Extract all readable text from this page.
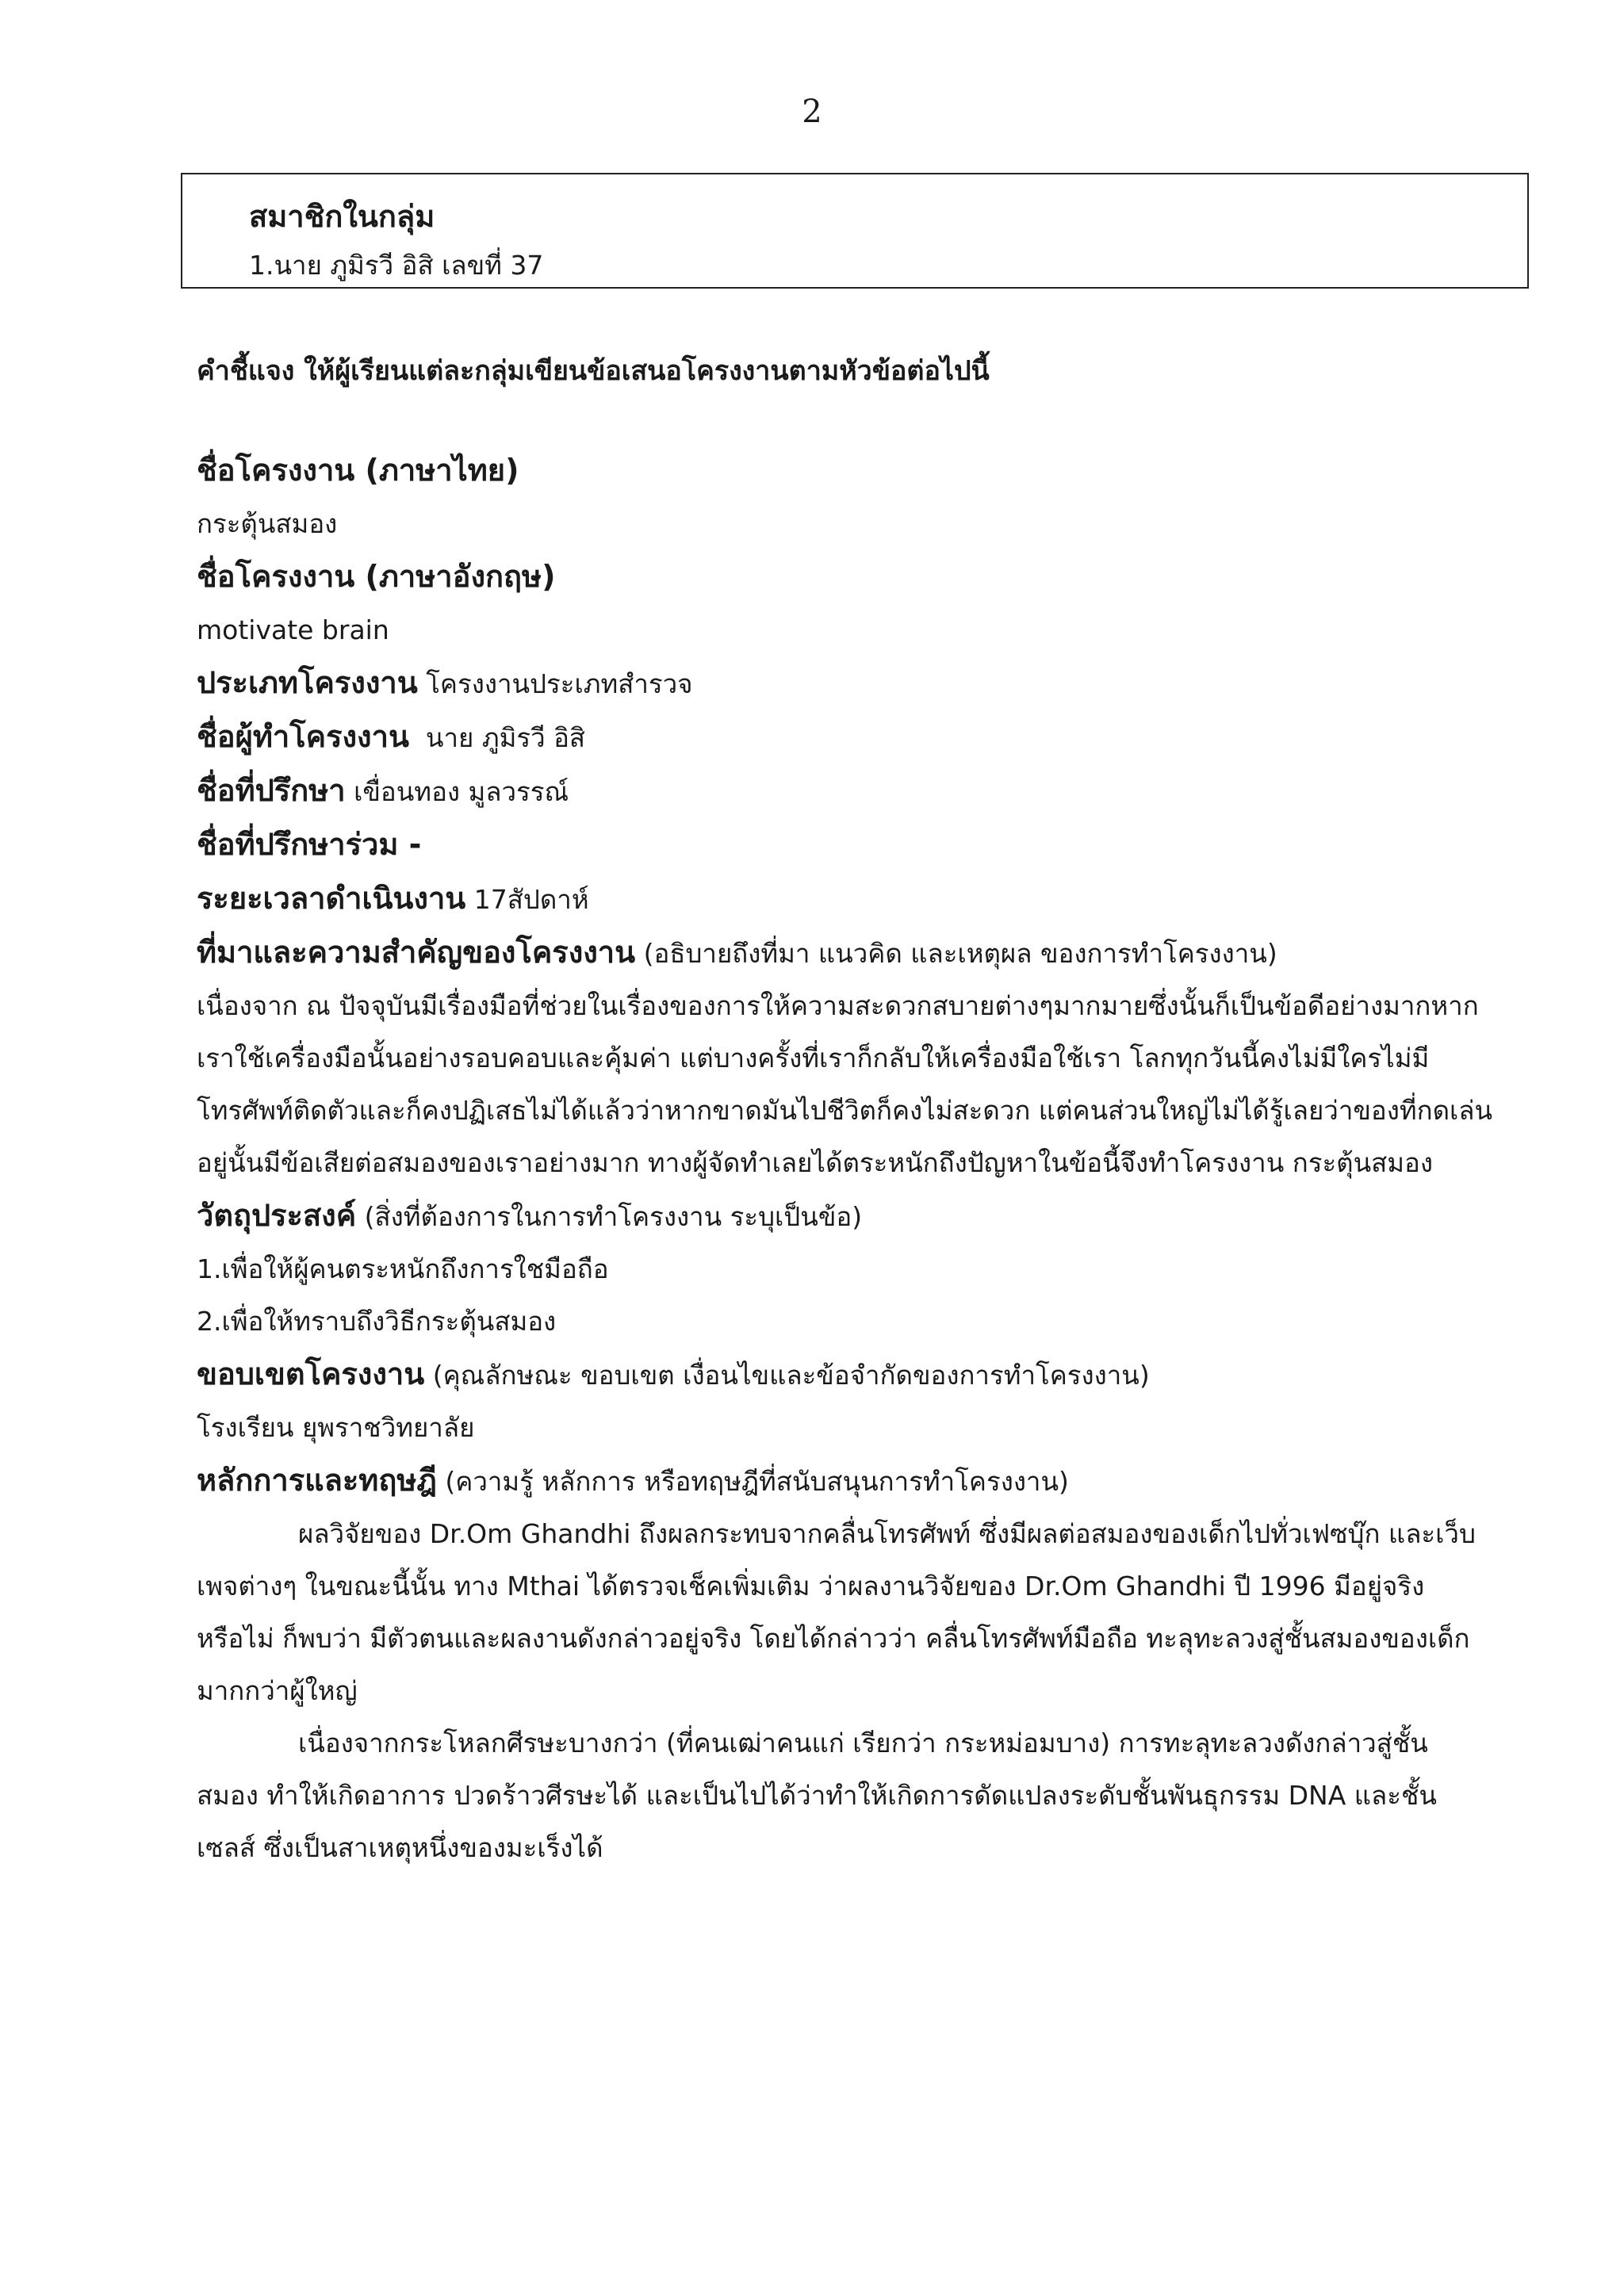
2
สมาชิกในกลุ่ม
1.นาย ภูมิรวี อิสิ เลขที่ 37
คำชี้แจง ให้ผู้เรียนแต่ละกลุ่มเขียนข้อเสนอโครงงานตามหัวข้อต่อไปนี้
ชื่อโครงงาน (ภาษาไทย)
กระตุ้นสมอง
ชื่อโครงงาน (ภาษาอังกฤษ)
motivate brain
ประเภทโครงงาน โครงงานประเภทสำรวจ
ชื่อผู้ทำโครงงาน นาย ภูมิรวี อิสิ
ชื่อที่ปรึกษา เขื่อนทอง มูลวรรณ์
ชื่อที่ปรึกษาร่วม -
ระยะเวลาดำเนินงาน 17สัปดาห์
ที่มาและความสำคัญของโครงงาน (อธิบายถึงที่มา แนวคิด และเหตุผล ของการทำโครงงาน)
เนื่องจาก ณ ปัจจุบันมีเรื่องมือที่ช่วยในเรื่องของการให้ความสะดวกสบายต่างๆมากมายซึ่งนั้นก็เป็นข้อดีอย่างมากหาก
เราใช้เครื่องมือนั้นอย่างรอบคอบและคุ้มค่า แต่บางครั้งที่เราก็กลับให้เครื่องมือใช้เรา โลกทุกวันนี้คงไม่มีใครไม่มี
โทรศัพท์ติดตัวและก็คงปฏิเสธไม่ได้แล้วว่าหากขาดมันไปชีวิตก็คงไม่สะดวก แต่คนส่วนใหญ่ไม่ได้รู้เลยว่าของที่กดเล่น
อยู่นั้นมีข้อเสียต่อสมองของเราอย่างมาก ทางผู้จัดทำเลยได้ตระหนักถึงปัญหาในข้อนี้จึงทำโครงงาน กระตุ้นสมอง
วัตถุประสงค์ (สิ่งที่ต้องการในการทำโครงงาน ระบุเป็นข้อ)
1.เพื่อให้ผู้คนตระหนักถึงการใชมือถือ
2.เพื่อให้ทราบถึงวิธีกระตุ้นสมอง
ขอบเขตโครงงาน (คุณลักษณะ ขอบเขต เงื่อนไขและข้อจำกัดของการทำโครงงาน)
โรงเรียน ยุพราชวิทยาลัย
หลักการและทฤษฎี (ความรู้ หลักการ หรือทฤษฎีที่สนับสนุนการทำโครงงาน)
ผลวิจัยของ Dr.Om Ghandhi ถึงผลกระทบจากคลื่นโทรศัพท์ ซึ่งมีผลต่อสมองของเด็กไปทั่วเฟซบุ๊ก และเว็บ
เพจต่างๆ ในขณะนี้นั้น ทาง Mthai ได้ตรวจเช็คเพิ่มเติม ว่าผลงานวิจัยของ Dr.Om Ghandhi ปี 1996 มีอยู่จริง
หรือไม่ ก็พบว่า มีตัวตนและผลงานดังกล่าวอยู่จริง โดยได้กล่าวว่า คลื่นโทรศัพท์มือถือ ทะลุทะลวงสู่ชั้นสมองของเด็ก
มากกว่าผู้ใหญ่
เนื่องจากกระโหลกศีรษะบางกว่า (ที่คนเฒ่าคนแก่ เรียกว่า กระหม่อมบาง) การทะลุทะลวงดังกล่าวสู่ชั้น
สมอง ทำให้เกิดอาการ ปวดร้าวศีรษะได้ และเป็นไปได้ว่าทำให้เกิดการดัดแปลงระดับชั้นพันธุกรรม DNA และชั้น
เซลส์ ซึ่งเป็นสาเหตุหนึ่งของมะเร็งได้
